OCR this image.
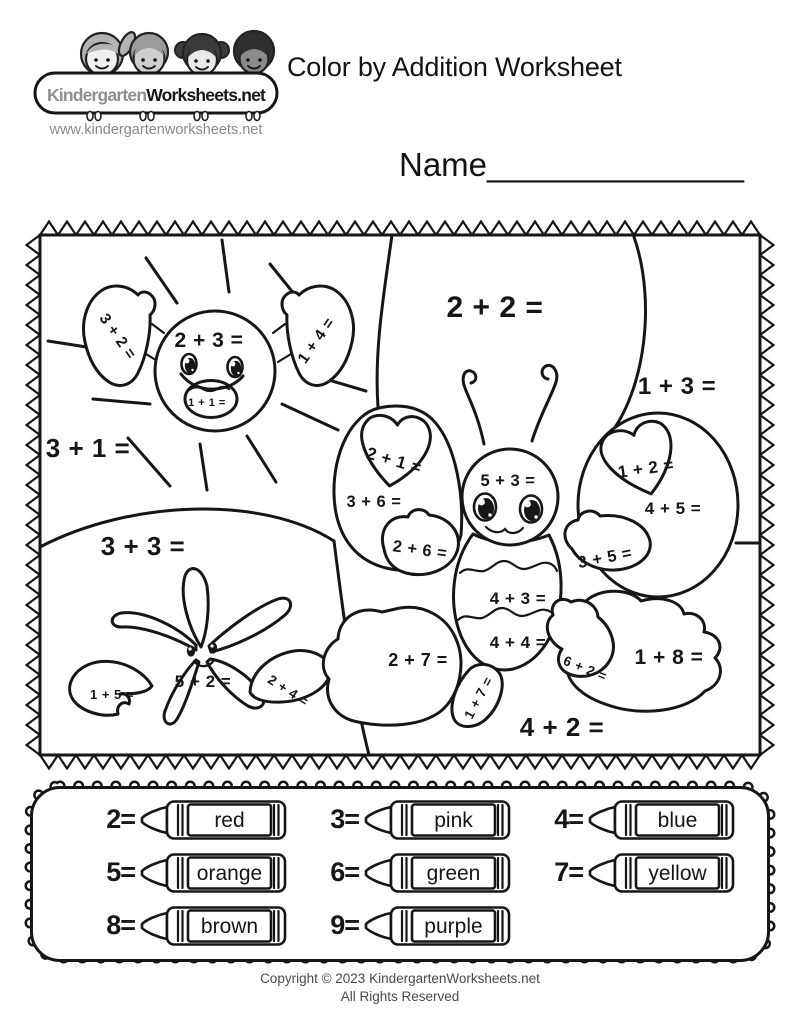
KindergartenWorksheets.net
www.kindergartenworksheets.net
Color by Addition Worksheet
Name______________
2 + 3 =
1 + 1 =
3 + 2 =	1 + 4 =
5 + 2 =
1 + 5 =	2 + 4 =
5 + 3 =
2 + 1 =
3 + 6 =
2 + 6 =
1 + 2 =
4 + 5 =
3 + 5 =
4 + 3 =
4 + 4 =
2 + 7 =
1 + 7 =
1 + 8 =
6 + 2 =
2 + 2 =
1 + 3 =
3 + 1 =
3 + 3 =
4 + 2 =
2=	red	3=	pink	4=	blue
5=	orange	6=	green	7=	yellow
8=	brown	9=	purple
Copyright © 2023 KindergartenWorksheets.net
All Rights Reserved
